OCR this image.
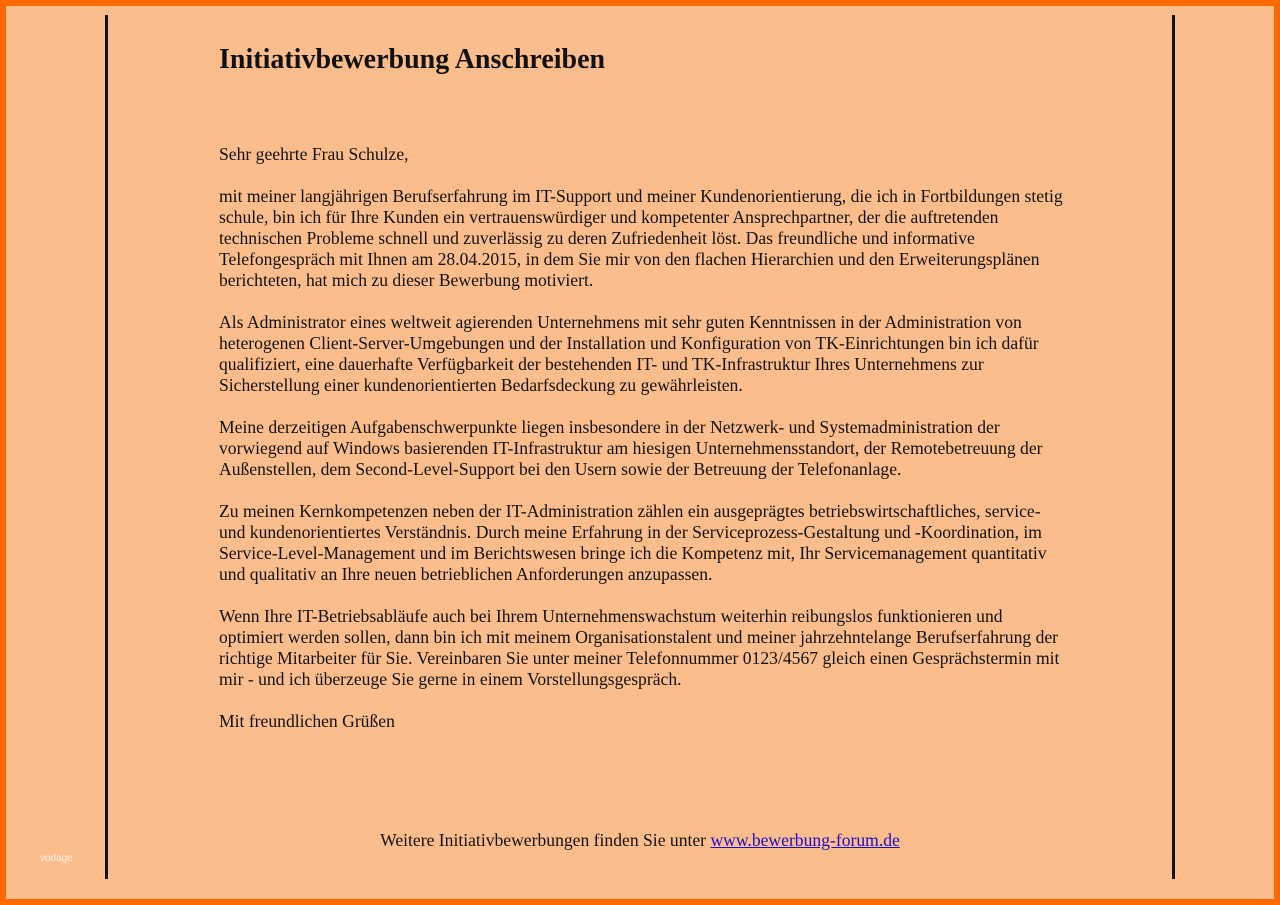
Initiativbewerbung Anschreiben

Sehr geehrte Frau Schulze,

mit meiner langjährigen Berufserfahrung im IT-Support und meiner Kundenorientierung, die ich in Fortbildungen stetig schule, bin ich für Ihre Kunden ein vertrauenswürdiger und kompetenter Ansprechpartner, der die auftretenden technischen Probleme schnell und zuverlässig zu deren Zufriedenheit löst. Das freundliche und informative Telefongespräch mit Ihnen am 28.04.2015, in dem Sie mir von den flachen Hierarchien und den Erweiterungsplänen berichteten, hat mich zu dieser Bewerbung motiviert.

Als Administrator eines weltweit agierenden Unternehmens mit sehr guten Kenntnissen in der Administration von heterogenen Client-Server-Umgebungen und der Installation und Konfiguration von TK-Einrichtungen bin ich dafür qualifiziert, eine dauerhafte Verfügbarkeit der bestehenden IT- und TK-Infrastruktur Ihres Unternehmens zur Sicherstellung einer kundenorientierten Bedarfsdeckung zu gewährleisten.

Meine derzeitigen Aufgabenschwerpunkte liegen insbesondere in der Netzwerk- und Systemadministration der vorwiegend auf Windows basierenden IT-Infrastruktur am hiesigen Unternehmensstandort, der Remotebetreuung der Außenstellen, dem Second-Level-Support bei den Usern sowie der Betreuung der Telefonanlage.

Zu meinen Kernkompetenzen neben der IT-Administration zählen ein ausgeprägtes betriebswirtschaftliches, service- und kundenorientiertes Verständnis. Durch meine Erfahrung in der Serviceprozess-Gestaltung und -Koordination, im Service-Level-Management und im Berichtswesen bringe ich die Kompetenz mit, Ihr Servicemanagement quantitativ und qualitativ an Ihre neuen betrieblichen Anforderungen anzupassen.

Wenn Ihre IT-Betriebsabläufe auch bei Ihrem Unternehmenswachstum weiterhin reibungslos funktionieren und optimiert werden sollen, dann bin ich mit meinem Organisationstalent und meiner jahrzehntelange Berufserfahrung der richtige Mitarbeiter für Sie. Vereinbaren Sie unter meiner Telefonnummer 0123/4567 gleich einen Gesprächstermin mit mir - und ich überzeuge Sie gerne in einem Vorstellungsgespräch.

Mit freundlichen Grüßen

Weitere Initiativbewerbungen finden Sie unter www.bewerbung-forum.de
vorlage
